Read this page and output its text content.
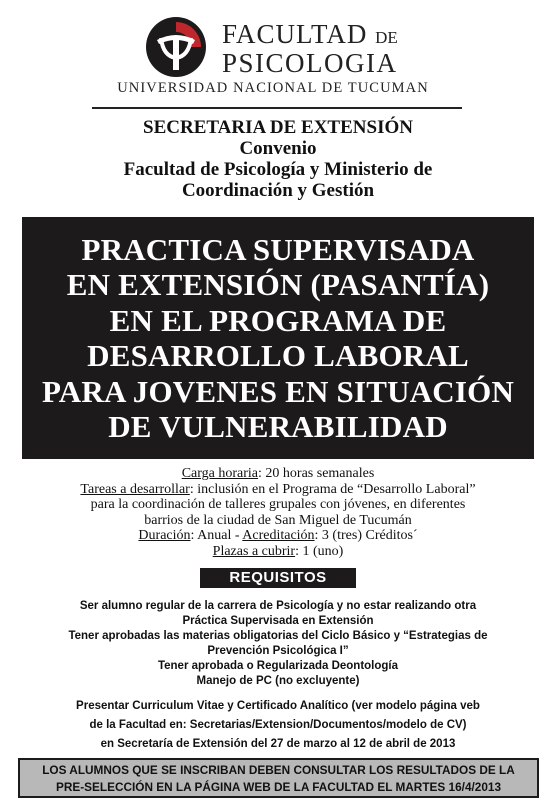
FACULTAD DE
PSICOLOGIA
UNIVERSIDAD NACIONAL DE TUCUMAN
SECRETARIA DE EXTENSIÓN
Convenio
Facultad de Psicología y Ministerio de
Coordinación y Gestión
PRACTICA SUPERVISADA
EN EXTENSIÓN (PASANTÍA)
EN EL PROGRAMA DE
DESARROLLO LABORAL
PARA JOVENES EN SITUACIÓN
DE VULNERABILIDAD
Carga horaria: 20 horas semanales
Tareas a desarrollar: inclusión en el Programa de “Desarrollo Laboral”
para la coordinación de talleres grupales con jóvenes, en diferentes
barrios de la ciudad de San Miguel de Tucumán
Duración: Anual - Acreditación: 3 (tres) Créditos´
Plazas a cubrir: 1 (uno)
REQUISITOS
Ser alumno regular de la carrera de Psicología y no estar realizando otra
Práctica Supervisada en Extensión
Tener aprobadas las materias obligatorias del Ciclo Básico y “Estrategias de
Prevención Psicológica I”
Tener aprobada o Regularizada Deontología
Manejo de PC (no excluyente)
Presentar Curriculum Vitae y Certificado Analítico (ver modelo página veb
de la Facultad en: Secretarias/Extension/Documentos/modelo de CV)
en Secretaría de Extensión del 27 de marzo al 12 de abril de 2013
LOS ALUMNOS QUE SE INSCRIBAN DEBEN CONSULTAR LOS RESULTADOS DE LA
PRE-SELECCIÓN EN LA PÁGINA WEB DE LA FACULTAD EL MARTES 16/4/2013
